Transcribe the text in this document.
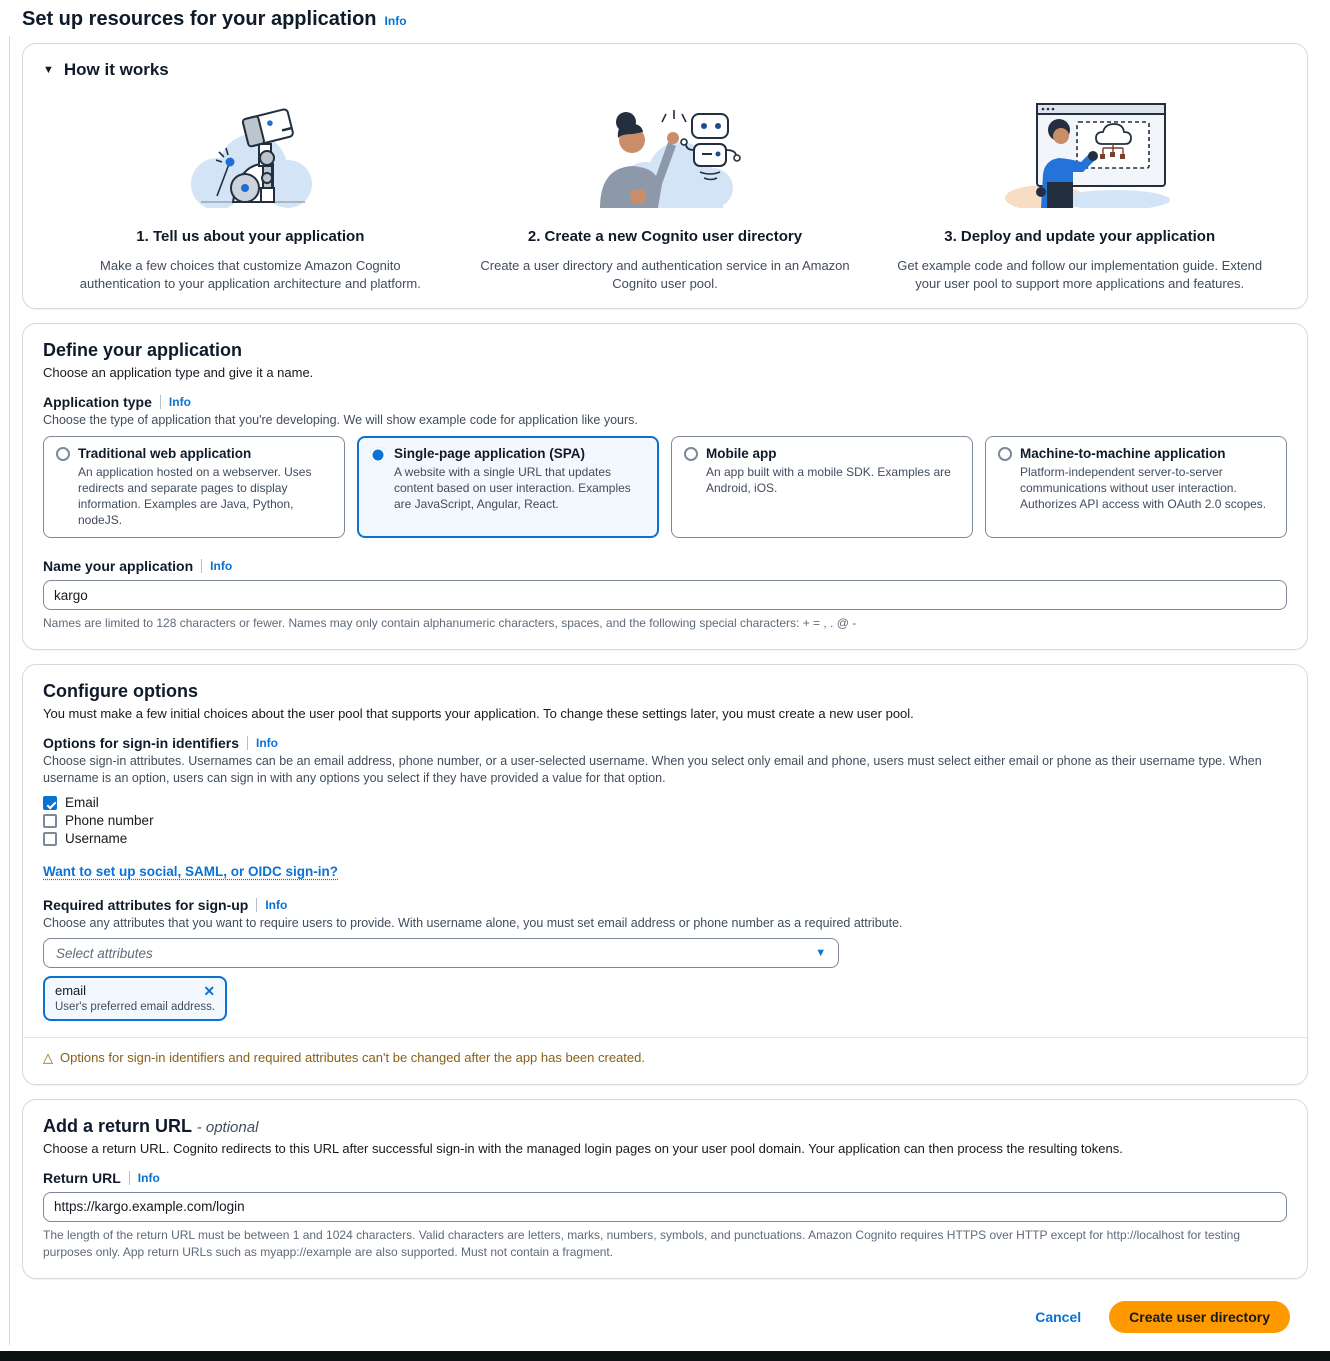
Set up resources for your application Info
▼ How it works
1. Tell us about your application
Make a few choices that customize Amazon Cognito authentication to your application architecture and platform.
2. Create a new Cognito user directory
Create a user directory and authentication service in an Amazon Cognito user pool.
3. Deploy and update your application
Get example code and follow our implementation guide. Extend your user pool to support more applications and features.
Define your application

Choose an application type and give it a name.

Application type Info

Choose the type of application that you're developing. We will show example code for application like yours.

Traditional web application
An application hosted on a webserver. Uses redirects and separate pages to display information. Examples are Java, Python, nodeJS.
Single-page application (SPA)
A website with a single URL that updates content based on user interaction. Examples are JavaScript, Angular, React.
Mobile app
An app built with a mobile SDK. Examples are Android, iOS.
Machine-to-machine application
Platform-independent server-to-server communications without user interaction. Authorizes API access with OAuth 2.0 scopes.
Name your application Info
kargo
Names are limited to 128 characters or fewer. Names may only contain alphanumeric characters, spaces, and the following special characters: + = , . @ -
Configure options

You must make a few initial choices about the user pool that supports your application. To change these settings later, you must create a new user pool.

Options for sign-in identifiers Info

Choose sign-in attributes. Usernames can be an email address, phone number, or a user-selected username. When you select only email and phone, users must select either email or phone as their username type. When username is an option, users can sign in with any options you select if they have provided a value for that option.

Email
Phone number
Username
Want to set up social, SAML, or OIDC sign-in?
Required attributes for sign-up Info

Choose any attributes that you want to require users to provide. With username alone, you must set email address or phone number as a required attribute.

Select attributes	▼
email	✕
User's preferred email address.
△️⁠ Options for sign-in identifiers and required attributes can't be changed after the app has been created.
Add a return URL - optional

Choose a return URL. Cognito redirects to this URL after successful sign-in with the managed login pages on your user pool domain. Your application can then process the resulting tokens.

Return URL Info
https://kargo.example.com/login
The length of the return URL must be between 1 and 1024 characters. Valid characters are letters, marks, numbers, symbols, and punctuations. Amazon Cognito requires HTTPS over HTTP except for http://localhost for testing purposes only. App return URLs such as myapp://example are also supported. Must not contain a fragment.
Cancel	Create user directory
